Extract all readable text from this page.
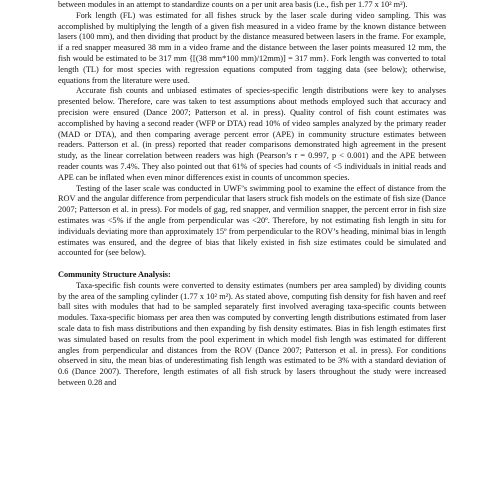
between modules in an attempt to standardize counts on a per unit area basis (i.e., fish per 1.77 x 10² m²).

Fork length (FL) was estimated for all fishes struck by the laser scale during video sampling. This was accomplished by multiplying the length of a given fish measured in a video frame by the known distance between lasers (100 mm), and then dividing that product by the distance measured between lasers in the frame. For example, if a red snapper measured 38 mm in a video frame and the distance between the laser points measured 12 mm, the fish would be estimated to be 317 mm {[(38 mm*100 mm)/12mm)] = 317 mm}. Fork length was converted to total length (TL) for most species with regression equations computed from tagging data (see below); otherwise, equations from the literature were used.

Accurate fish counts and unbiased estimates of species-specific length distributions were key to analyses presented below. Therefore, care was taken to test assumptions about methods employed such that accuracy and precision were ensured (Dance 2007; Patterson et al. in press). Quality control of fish count estimates was accomplished by having a second reader (WFP or DTA) read 10% of video samples analyzed by the primary reader (MAD or DTA), and then comparing average percent error (APE) in community structure estimates between readers. Patterson et al. (in press) reported that reader comparisons demonstrated high agreement in the present study, as the linear correlation between readers was high (Pearson’s r = 0.997, p < 0.001) and the APE between reader counts was 7.4%. They also pointed out that 61% of species had counts of <5 individuals in initial reads and APE can be inflated when even minor differences exist in counts of uncommon species.

Testing of the laser scale was conducted in UWF’s swimming pool to examine the effect of distance from the ROV and the angular difference from perpendicular that lasers struck fish models on the estimate of fish size (Dance 2007; Patterson et al. in press). For models of gag, red snapper, and vermilion snapper, the percent error in fish size estimates was <5% if the angle from perpendicular was <20º. Therefore, by not estimating fish length in situ for individuals deviating more than approximately 15º from perpendicular to the ROV’s heading, minimal bias in length estimates was ensured, and the degree of bias that likely existed in fish size estimates could be simulated and accounted for (see below).

Community Structure Analysis:

Taxa-specific fish counts were converted to density estimates (numbers per area sampled) by dividing counts by the area of the sampling cylinder (1.77 x 10² m²). As stated above, computing fish density for fish haven and reef ball sites with modules that had to be sampled separately first involved averaging taxa-specific counts between modules. Taxa-specific biomass per area then was computed by converting length distributions estimated from laser scale data to fish mass distributions and then expanding by fish density estimates. Bias in fish length estimates first was simulated based on results from the pool experiment in which model fish length was estimated for different angles from perpendicular and distances from the ROV (Dance 2007; Patterson et al. in press). For conditions observed in situ, the mean bias of underestimating fish length was estimated to be 3% with a standard deviation of 0.6 (Dance 2007). Therefore, length estimates of all fish struck by lasers throughout the study were increased between 0.28 and
